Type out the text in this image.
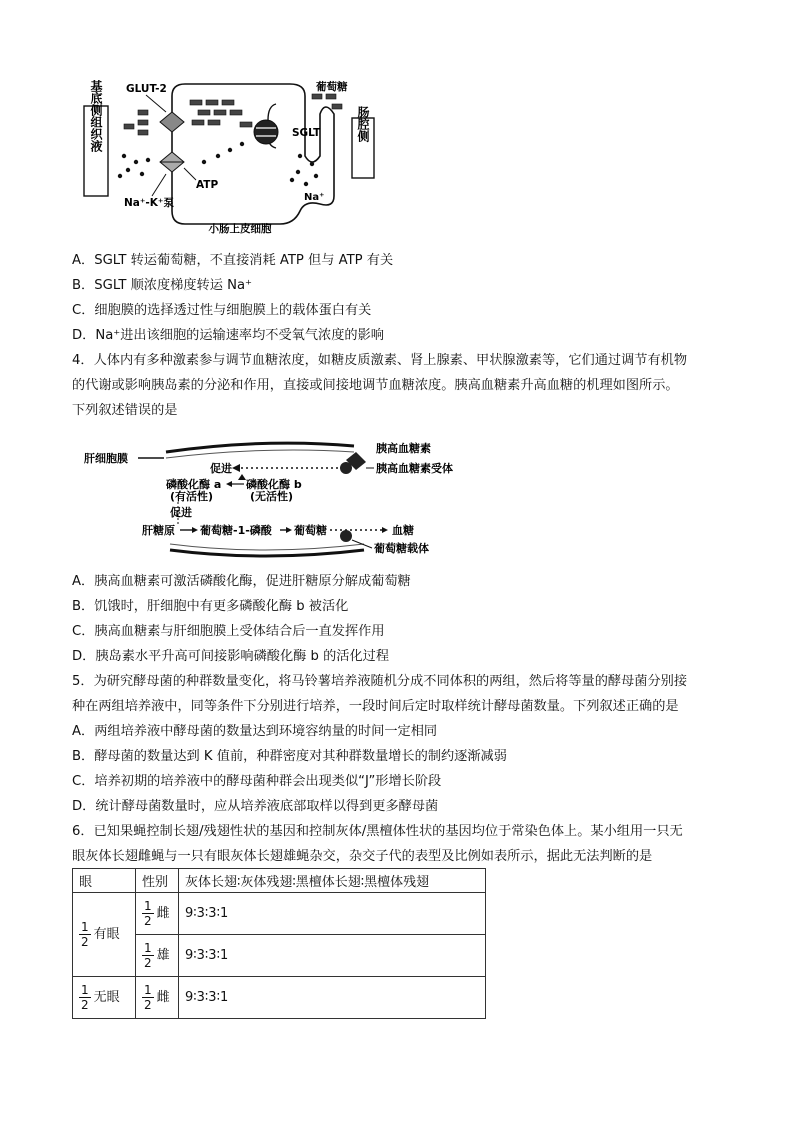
基底侧组织液	肠腔侧
GLUT-2
ATP
Na⁺-K⁺泵
葡萄糖
SGLT
Na⁺
小肠上皮细胞
A．SGLT 转运葡萄糖，不直接消耗 ATP 但与 ATP 有关
B．SGLT 顺浓度梯度转运 Na⁺
C．细胞膜的选择透过性与细胞膜上的载体蛋白有关
D．Na⁺进出该细胞的运输速率均不受氧气浓度的影响
4．人体内有多种激素参与调节血糖浓度，如糖皮质激素、肾上腺素、甲状腺激素等，它们通过调节有机物
的代谢或影响胰岛素的分泌和作用，直接或间接地调节血糖浓度。胰高血糖素升高血糖的机理如图所示。
下列叙述错误的是
肝细胞膜
胰高血糖素
胰高血糖素受体
促进
磷酸化酶 a
(有活性)
磷酸化酶 b
(无活性)
促进
肝糖原 葡萄糖-1-磷酸 葡萄糖	血糖
葡萄糖载体
A．胰高血糖素可激活磷酸化酶，促进肝糖原分解成葡萄糖
B．饥饿时，肝细胞中有更多磷酸化酶 b 被活化
C．胰高血糖素与肝细胞膜上受体结合后一直发挥作用
D．胰岛素水平升高可间接影响磷酸化酶 b 的活化过程
5．为研究酵母菌的种群数量变化，将马铃薯培养液随机分成不同体积的两组，然后将等量的酵母菌分别接
种在两组培养液中，同等条件下分别进行培养，一段时间后定时取样统计酵母菌数量。下列叙述正确的是
A．两组培养液中酵母菌的数量达到环境容纳量的时间一定相同
B．酵母菌的数量达到 K 值前，种群密度对其种群数量增长的制约逐渐减弱
C．培养初期的培养液中的酵母菌种群会出现类似“J”形增长阶段
D．统计酵母菌数量时，应从培养液底部取样以得到更多酵母菌
6．已知果蝇控制长翅/残翅性状的基因和控制灰体/黑檀体性状的基因均位于常染色体上。某小组用一只无
眼灰体长翅雌蝇与一只有眼灰体长翅雄蝇杂交，杂交子代的表型及比例如表所示，据此无法判断的是
眼	性别	灰体长翅∶灰体残翅∶黑檀体长翅∶黑檀体残翅

$\frac{1}{2}$ 有眼	$\frac{1}{2}$ 雌	9∶3∶3∶1

	$\frac{1}{2}$ 雄	9∶3∶3∶1

$\frac{1}{2}$ 无眼	$\frac{1}{2}$ 雌	9∶3∶3∶1
